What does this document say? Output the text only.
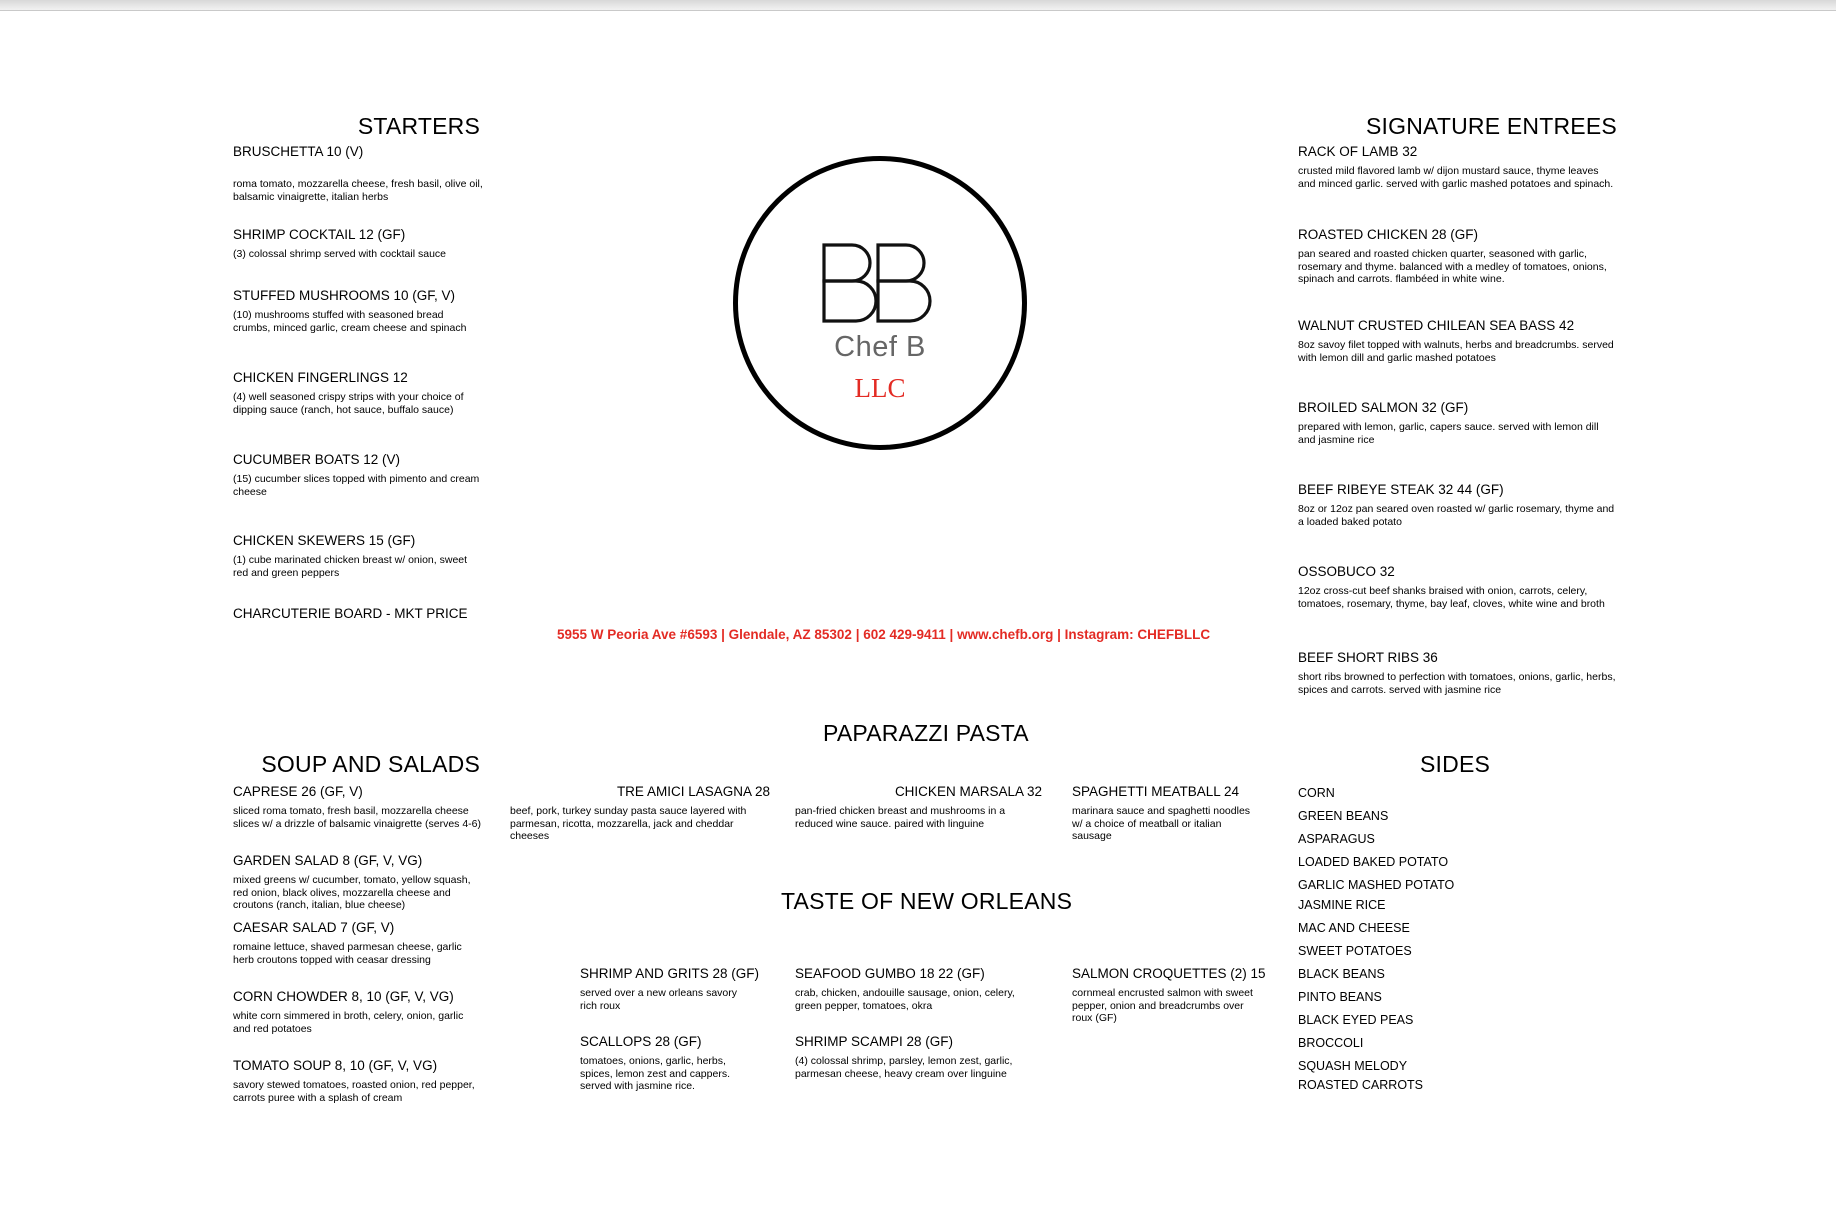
STARTERS	SIGNATURE ENTREES
PAPARAZZI PASTA
SOUP AND SALADS	SIDES
TASTE OF NEW ORLEANS
Chef B
LLC
5955 W Peoria Ave #6593 | Glendale, AZ 85302 | 602 429-9411 | www.chefb.org | Instagram: CHEFBLLC
BRUSCHETTA 10 (V)
roma tomato, mozzarella cheese, fresh basil, olive oil, balsamic vinaigrette, italian herbs
SHRIMP COCKTAIL 12 (GF)
(3) colossal shrimp served with cocktail sauce
STUFFED MUSHROOMS 10 (GF, V)
(10) mushrooms stuffed with seasoned bread crumbs, minced garlic, cream cheese and spinach
CHICKEN FINGERLINGS 12
(4) well seasoned crispy strips with your choice of dipping sauce (ranch, hot sauce, buffalo sauce)
CUCUMBER BOATS 12 (V)
(15) cucumber slices topped with pimento and cream cheese
CHICKEN SKEWERS 15 (GF)
(1) cube marinated chicken breast w/ onion, sweet red and green peppers
CHARCUTERIE BOARD - MKT PRICE
RACK OF LAMB 32
crusted mild flavored lamb w/ dijon mustard sauce, thyme leaves and minced garlic. served with garlic mashed potatoes and spinach.
ROASTED CHICKEN 28 (GF)
pan seared and roasted chicken quarter, seasoned with garlic, rosemary and thyme. balanced with a medley of tomatoes, onions, spinach and carrots. flambéed in white wine.
WALNUT CRUSTED CHILEAN SEA BASS 42
8oz savoy filet topped with walnuts, herbs and breadcrumbs. served with lemon dill and garlic mashed potatoes
BROILED SALMON 32 (GF)
prepared with lemon, garlic, capers sauce. served with lemon dill and jasmine rice
BEEF RIBEYE STEAK 32 44 (GF)
8oz or 12oz pan seared oven roasted w/ garlic rosemary, thyme and a loaded baked potato
OSSOBUCO 32
12oz cross-cut beef shanks braised with onion, carrots, celery, tomatoes, rosemary, thyme, bay leaf, cloves, white wine and broth
BEEF SHORT RIBS 36
short ribs browned to perfection with tomatoes, onions, garlic, herbs, spices and carrots. served with jasmine rice
TRE AMICI LASAGNA 28
beef, pork, turkey sunday pasta sauce layered with parmesan, ricotta, mozzarella, jack and cheddar cheeses
CHICKEN MARSALA 32
pan-fried chicken breast and mushrooms in a reduced wine sauce. paired with linguine
SPAGHETTI MEATBALL 24
marinara sauce and spaghetti noodles w/ a choice of meatball or italian sausage
CAPRESE 26 (GF, V)
sliced roma tomato, fresh basil, mozzarella cheese slices w/ a drizzle of balsamic vinaigrette (serves 4-6)
GARDEN SALAD 8 (GF, V, VG)
mixed greens w/ cucumber, tomato, yellow squash, red onion, black olives, mozzarella cheese and croutons (ranch, italian, blue cheese)
CAESAR SALAD 7 (GF, V)
romaine lettuce, shaved parmesan cheese, garlic herb croutons topped with ceasar dressing
CORN CHOWDER 8, 10 (GF, V, VG)
white corn simmered in broth, celery, onion, garlic and red potatoes
TOMATO SOUP 8, 10 (GF, V, VG)
savory stewed tomatoes, roasted onion, red pepper, carrots puree with a splash of cream
SHRIMP AND GRITS 28 (GF)
served over a new orleans savory rich roux
SEAFOOD GUMBO 18 22 (GF)
crab, chicken, andouille sausage, onion, celery, green pepper, tomatoes, okra
SALMON CROQUETTES (2) 15
cornmeal encrusted salmon with sweet pepper, onion and breadcrumbs over roux (GF)
SCALLOPS 28 (GF)
tomatoes, onions, garlic, herbs, spices, lemon zest and cappers. served with jasmine rice.
SHRIMP SCAMPI 28 (GF)
(4) colossal shrimp, parsley, lemon zest, garlic, parmesan cheese, heavy cream over linguine
CORN
GREEN BEANS
ASPARAGUS
LOADED BAKED POTATO
GARLIC MASHED POTATO
JASMINE RICE
MAC AND CHEESE
SWEET POTATOES
BLACK BEANS
PINTO BEANS
BLACK EYED PEAS
BROCCOLI
SQUASH MELODY
ROASTED CARROTS
